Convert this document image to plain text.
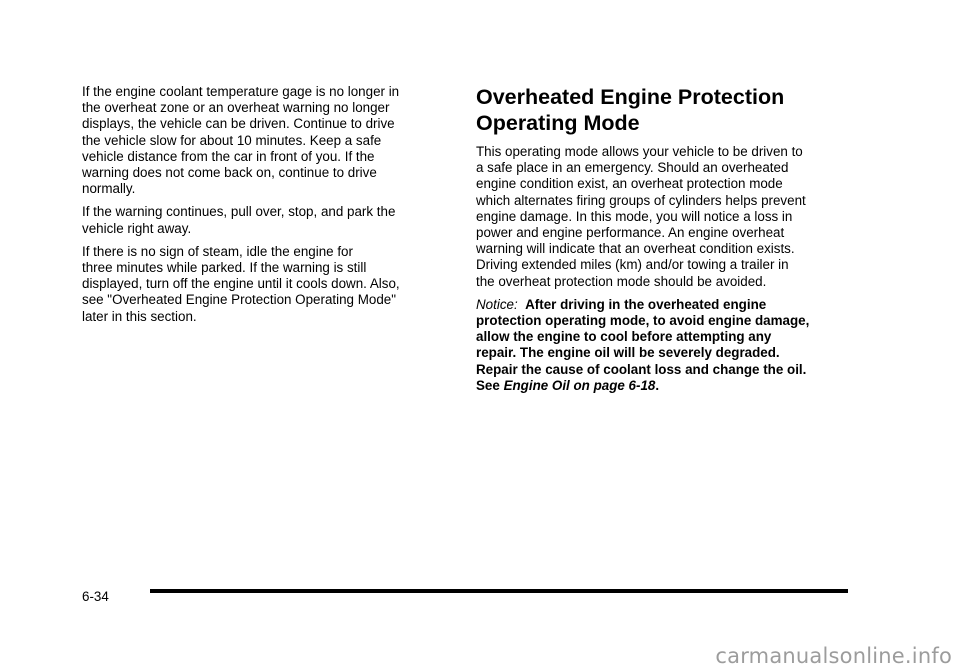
If the engine coolant temperature gage is no longer in
the overheat zone or an overheat warning no longer
displays, the vehicle can be driven. Continue to drive
the vehicle slow for about 10 minutes. Keep a safe
vehicle distance from the car in front of you. If the
warning does not come back on, continue to drive
normally.

If the warning continues, pull over, stop, and park the
vehicle right away.

If there is no sign of steam, idle the engine for
three minutes while parked. If the warning is still
displayed, turn off the engine until it cools down. Also,
see "Overheated Engine Protection Operating Mode"
later in this section.

Overheated Engine Protection
Operating Mode

This operating mode allows your vehicle to be driven to
a safe place in an emergency. Should an overheated
engine condition exist, an overheat protection mode
which alternates firing groups of cylinders helps prevent
engine damage. In this mode, you will notice a loss in
power and engine performance. An engine overheat
warning will indicate that an overheat condition exists.
Driving extended miles (km) and/or towing a trailer in
the overheat protection mode should be avoided.

Notice: After driving in the overheated engine
protection operating mode, to avoid engine damage,
allow the engine to cool before attempting any
repair. The engine oil will be severely degraded.
Repair the cause of coolant loss and change the oil.
See Engine Oil on page 6-18.

6-34
carmanualsonline.info
